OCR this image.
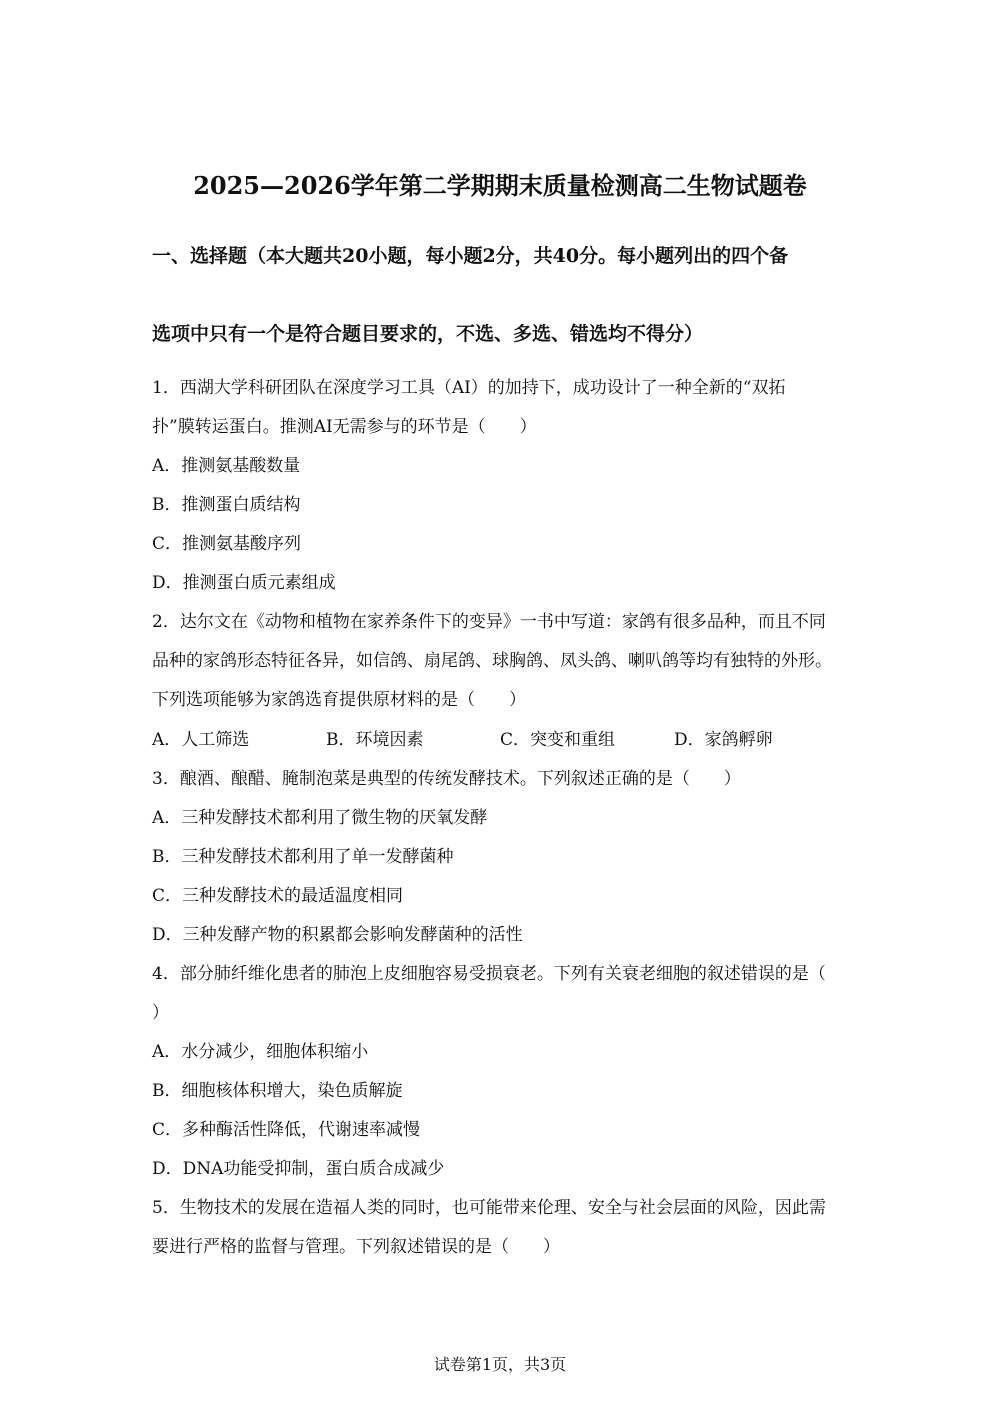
2025—2026学年第二学期期末质量检测高二生物试题卷
一、选择题（本大题共20小题，每小题2分，共40分。每小题列出的四个备
选项中只有一个是符合题目要求的，不选、多选、错选均不得分）
1．西湖大学科研团队在深度学习工具（AI）的加持下，成功设计了一种全新的“双拓
扑”膜转运蛋白。推测AI无需参与的环节是（　　）
A．推测氨基酸数量
B．推测蛋白质结构
C．推测氨基酸序列
D．推测蛋白质元素组成
2．达尔文在《动物和植物在家养条件下的变异》一书中写道：家鸽有很多品种，而且不同
品种的家鸽形态特征各异，如信鸽、扇尾鸽、球胸鸽、凤头鸽、喇叭鸽等均有独特的外形。
下列选项能够为家鸽选育提供原材料的是（　　）
A．人工筛选	B．环境因素	C．突变和重组	D．家鸽孵卵
3．酿酒、酿醋、腌制泡菜是典型的传统发酵技术。下列叙述正确的是（　　）
A．三种发酵技术都利用了微生物的厌氧发酵
B．三种发酵技术都利用了单一发酵菌种
C．三种发酵技术的最适温度相同
D．三种发酵产物的积累都会影响发酵菌种的活性
4．部分肺纤维化患者的肺泡上皮细胞容易受损衰老。下列有关衰老细胞的叙述错误的是（
）
A．水分减少，细胞体积缩小
B．细胞核体积增大，染色质解旋
C．多种酶活性降低，代谢速率减慢
D．DNA功能受抑制，蛋白质合成减少
5．生物技术的发展在造福人类的同时，也可能带来伦理、安全与社会层面的风险，因此需
要进行严格的监督与管理。下列叙述错误的是（　　）
试卷第1页，共3页
